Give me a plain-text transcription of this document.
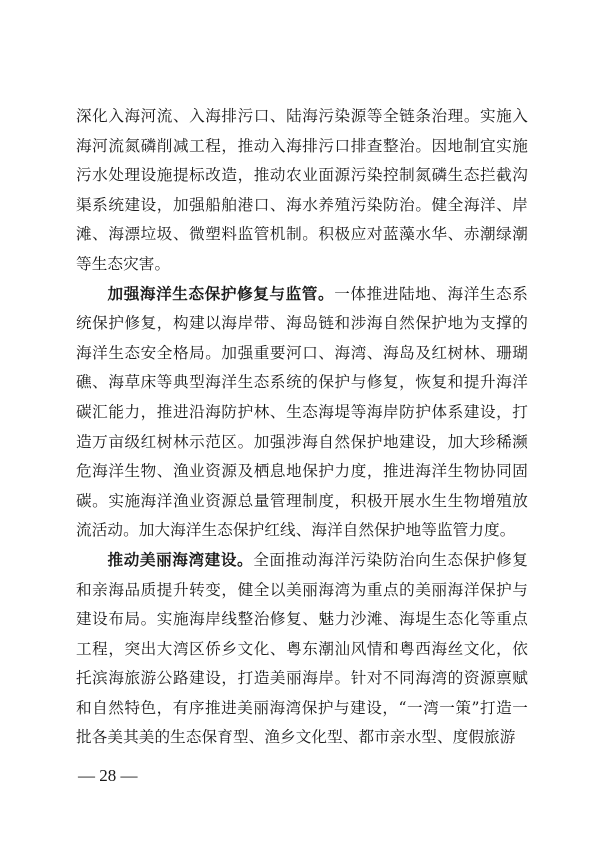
深化入海河流、入海排污口、陆海污染源等全链条治理。实施入海河流氮磷削减工程，推动入海排污口排查整治。因地制宜实施污水处理设施提标改造，推动农业面源污染控制氮磷生态拦截沟渠系统建设，加强船舶港口、海水养殖污染防治。健全海洋、岸滩、海漂垃圾、微塑料监管机制。积极应对蓝藻水华、赤潮绿潮等生态灾害。

加强海洋生态保护修复与监管。一体推进陆地、海洋生态系统保护修复，构建以海岸带、海岛链和涉海自然保护地为支撑的海洋生态安全格局。加强重要河口、海湾、海岛及红树林、珊瑚礁、海草床等典型海洋生态系统的保护与修复，恢复和提升海洋碳汇能力，推进沿海防护林、生态海堤等海岸防护体系建设，打造万亩级红树林示范区。加强涉海自然保护地建设，加大珍稀濒危海洋生物、渔业资源及栖息地保护力度，推进海洋生物协同固碳。实施海洋渔业资源总量管理制度，积极开展水生生物增殖放流活动。加大海洋生态保护红线、海洋自然保护地等监管力度。

推动美丽海湾建设。全面推动海洋污染防治向生态保护修复和亲海品质提升转变，健全以美丽海湾为重点的美丽海洋保护与建设布局。实施海岸线整治修复、魅力沙滩、海堤生态化等重点工程，突出大湾区侨乡文化、粤东潮汕风情和粤西海丝文化，依托滨海旅游公路建设，打造美丽海岸。针对不同海湾的资源禀赋和自然特色，有序推进美丽海湾保护与建设，“一湾一策”打造一批各美其美的生态保育型、渔乡文化型、都市亲水型、度假旅游

— 28 —
